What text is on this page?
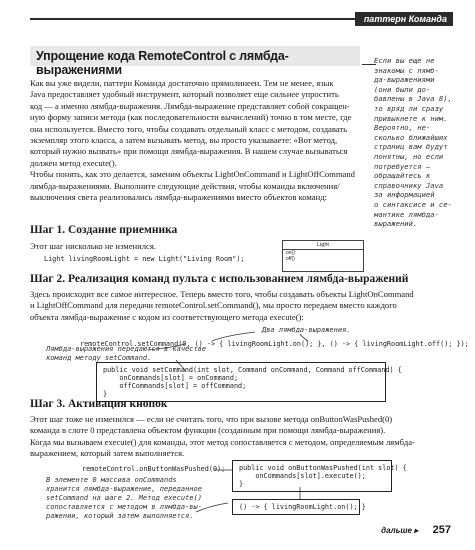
паттерн Команда
Упрощение кода RemoteControl с лямбда-выражениями
Как вы уже видели, паттерн Команда достаточно прямолинеен. Тем не менее, язык
Java предоставляет удобный инструмент, который позволяет еще сильнее упростить
код — а именно лямбда-выражения. Лямбда-выражение представляет собой сокращен-
ную форму записи метода (как последовательности вычислений) точно в том месте, где
она используется. Вместо того, чтобы создавать отдельный класс с методом, создавать
экземпляр этого класса, а затем вызывать метод, вы просто указываете: «Вот метод,
который нужно вызвать» при помощи лямбда-выражения. В нашем случае вызываться
должен метод execute().
Чтобы понять, как это делается, заменим объекты LightOnCommand и LightOffCommand
лямбда-выражениями. Выполните следующие действия, чтобы команды включения/
выключения света реализовались лямбда-выражениями вместо объектов команд:
Если вы еще не
знакомы с лямб-
да-выражениями
(они были до-
бавлены в Java 8),
то вряд ли сразу
привыкнете к ним.
Вероятно, не-
сколько ближайших
страниц вам будут
понятны, но если
потребуется —
обращайтесь к
справочнику Java
за информацией
о синтаксисе и се-
мантике лямбда-
выражений.
Шаг 1. Создание приемника
Этот шаг нисколько не изменился.
Light livingRoomLight = new Light("Living Room");
Light
on()
off()
Шаг 2. Реализация команд пульта с использованием лямбда-выражений
Здесь происходит все самое интересное. Теперь вместо того, чтобы создавать объекты LightOnCommand
и LightOffCommand для передачи remoteControl.setCommand(), мы просто передаем вместо каждого
объекта лямбда-выражение с кодом из соответствующего метода execute():
Два лямбда-выражения.
Лямбда-выражения передаются в качестве
команд методу setCommand.
remoteControl.setCommand(0, () -> { livingRoomLight.on(); }, () -> { livingRoomLight.off(); });
public void setCommand(int slot, Command onCommand, Command offCommand) {
onCommands[slot] = onCommand;
offCommands[slot] = offCommand;
}
Шаг 3. Активация кнопок
Этот шаг тоже не изменился — если не считать того, что при вызове метода onButtonWasPushed(0)
команда в слоте 0 представлена объектом функции (созданным при помощи лямбда-выражения).
Когда мы вызываем execute() для команды, этот метод сопоставляется с методом, определяемым лямбда-
выражением, который затем выполняется.
remoteControl.onButtonWasPushed(0); public void onButtonWasPushed(int slot) {
onCommands[slot].execute();
}
() -> { livingRoomLight.on(); }
В элементе 0 массива onCommands
хранится лямбда-выражение, переданное
setCommand на шаге 2. Метод execute()
сопоставляется с методом в лямбда-вы-
ражении, который затем выполняется.
дальше ▸ 257
